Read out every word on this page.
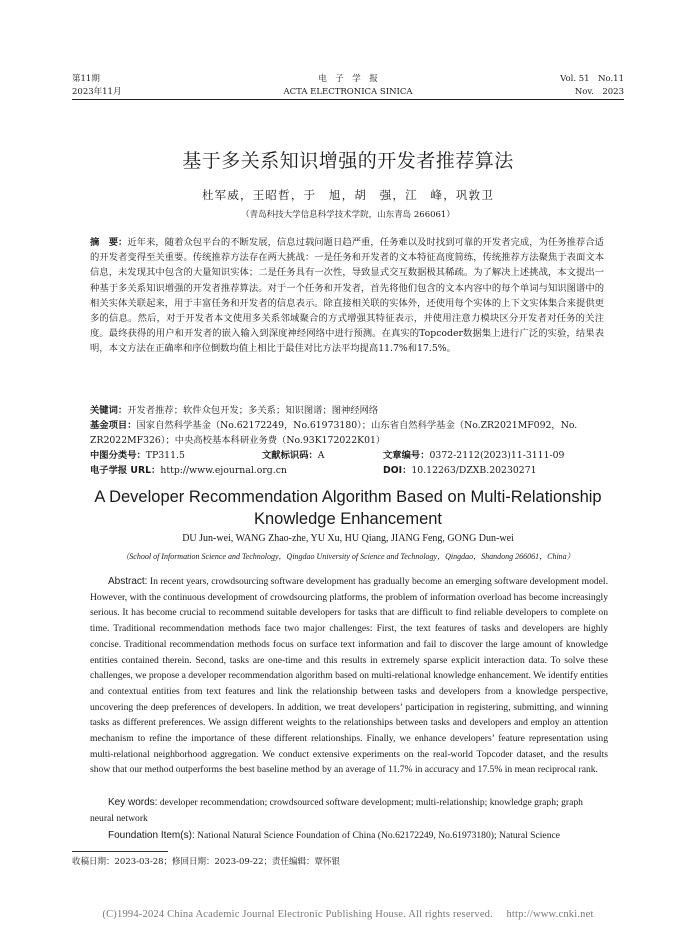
第11期
2023年11月
电　子　学　报
ACTA ELECTRONICA SINICA
Vol. 51　No.11
Nov.　2023
基于多关系知识增强的开发者推荐算法
杜军威，王昭哲，于　旭，胡　强，江　峰，巩敦卫
（青岛科技大学信息科学技术学院，山东青岛 266061）
摘　要：近年来，随着众包平台的不断发展，信息过载问题日趋严重，任务难以及时找到可靠的开发者完成，为任务推荐合适的开发者变得至关重要。传统推荐方法存在两大挑战：一是任务和开发者的文本特征高度简练，传统推荐方法聚焦于表面文本信息，未发现其中包含的大量知识实体；二是任务具有一次性，导致显式交互数据极其稀疏。为了解决上述挑战，本文提出一种基于多关系知识增强的开发者推荐算法。对于一个任务和开发者，首先将他们包含的文本内容中的每个单词与知识图谱中的相关实体关联起来，用于丰富任务和开发者的信息表示。除直接相关联的实体外，还使用每个实体的上下文实体集合来提供更多的信息。然后，对于开发者本文使用多关系邻域聚合的方式增强其特征表示，并使用注意力模块区分开发者对任务的关注度。最终获得的用户和开发者的嵌入输入到深度神经网络中进行预测。在真实的Topcoder数据集上进行广泛的实验，结果表明，本文方法在正确率和序位倒数均值上相比于最佳对比方法平均提高11.7%和17.5%。
关键词：开发者推荐；软件众包开发；多关系；知识图谱；图神经网络
基金项目：国家自然科学基金（No.62172249，No.61973180）；山东省自然科学基金（No.ZR2021MF092，No.
ZR2022MF326）；中央高校基本科研业务费（No.93K172022K01）
中图分类号：TP311.5	文献标识码：A	文章编号：0372-2112(2023)11-3111-09
电子学报 URL：http://www.ejournal.org.cn	DOI：10.12263/DZXB.20230271
A Developer Recommendation Algorithm Based on Multi-Relationship
Knowledge Enhancement
DU Jun-wei, WANG Zhao-zhe, YU Xu, HU Qiang, JIANG Feng, GONG Dun-wei
（School of Information Science and Technology，Qingdao University of Science and Technology，Qingdao，Shandong 266061，China）
Abstract: In recent years, crowdsourcing software development has gradually become an emerging software development model. However, with the continuous development of crowdsourcing platforms, the problem of information overload has become increasingly serious. It has become crucial to recommend suitable developers for tasks that are difficult to find reliable developers to complete on time. Traditional recommendation methods face two major challenges: First, the text features of tasks and developers are highly concise. Traditional recommendation methods focus on surface text information and fail to discover the large amount of knowledge entities contained therein. Second, tasks are one-time and this results in extremely sparse explicit interaction data. To solve these challenges, we propose a developer recommendation algorithm based on multi-relational knowledge enhancement. We identify entities and contextual entities from text features and link the relationship between tasks and developers from a knowledge perspective, uncovering the deep preferences of developers. In addition, we treat developers’ participation in registering, submitting, and winning tasks as different preferences. We assign different weights to the relationships between tasks and developers and employ an attention mechanism to refine the importance of these different relationships. Finally, we enhance developers’ feature representation using multi-relational neighborhood aggregation. We conduct extensive experiments on the real-world Topcoder dataset, and the results show that our method outperforms the best baseline method by an average of 11.7% in accuracy and 17.5% in mean reciprocal rank.
Key words: developer recommendation; crowdsourced software development; multi-relationship; knowledge graph; graph neural network
Foundation Item(s): National Natural Science Foundation of China (No.62172249, No.61973180); Natural Science
收稿日期：2023-03-28；修回日期：2023-09-22；责任编辑：覃怀银
(C)1994-2024 China Academic Journal Electronic Publishing House. All rights reserved.　 http://www.cnki.net
